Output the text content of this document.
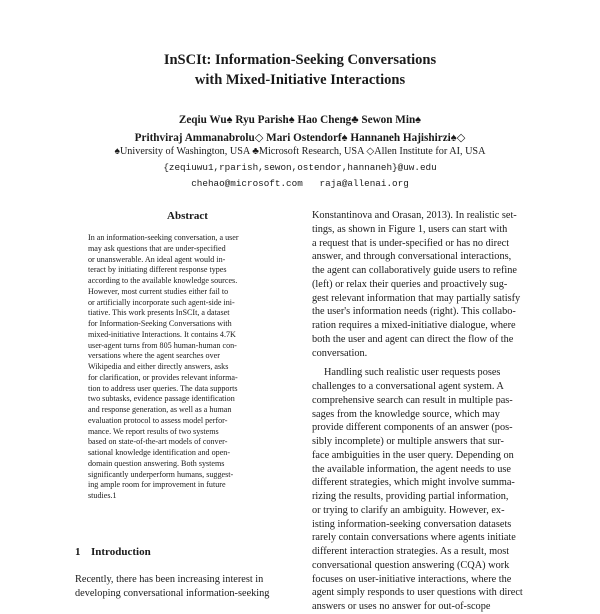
InSCIt: Information-Seeking Conversations
with Mixed-Initiative Interactions
Zeqiu Wu♠ Ryu Parish♠ Hao Cheng♣ Sewon Min♠
Prithviraj Ammanabrolu◇ Mari Ostendorf♠ Hannaneh Hajishirzi♠◇
♠University of Washington, USA ♣Microsoft Research, USA ◇Allen Institute for AI, USA
{zeqiuwu1,rparish,sewon,ostendor,hannaneh}@uw.edu
chehao@microsoft.com   raja@allenai.org
Abstract
In an information-seeking conversation, a user
may ask questions that are under-specified
or unanswerable. An ideal agent would in-
teract by initiating different response types
according to the available knowledge sources.
However, most current studies either fail to
or artificially incorporate such agent-side ini-
tiative. This work presents InSCIt, a dataset
for Information-Seeking Conversations with
mixed-initiative Interactions. It contains 4.7K
user-agent turns from 805 human-human con-
versations where the agent searches over
Wikipedia and either directly answers, asks
for clarification, or provides relevant informa-
tion to address user queries. The data supports
two subtasks, evidence passage identification
and response generation, as well as a human
evaluation protocol to assess model perfor-
mance. We report results of two systems
based on state-of-the-art models of conver-
sational knowledge identification and open-
domain question answering. Both systems
significantly underperform humans, suggest-
ing ample room for improvement in future
studies.1
1 Introduction
Recently, there has been increasing interest in
developing conversational information-seeking
Konstantinova and Orasan, 2013). In realistic set-
tings, as shown in Figure 1, users can start with
a request that is under-specified or has no direct
answer, and through conversational interactions,
the agent can collaboratively guide users to refine
(left) or relax their queries and proactively sug-
gest relevant information that may partially satisfy
the user's information needs (right). This collabo-
ration requires a mixed-initiative dialogue, where
both the user and agent can direct the flow of the
conversation.
Handling such realistic user requests poses
challenges to a conversational agent system. A
comprehensive search can result in multiple pas-
sages from the knowledge source, which may
provide different components of an answer (pos-
sibly incomplete) or multiple answers that sur-
face ambiguities in the user query. Depending on
the available information, the agent needs to use
different strategies, which might involve summa-
rizing the results, providing partial information,
or trying to clarify an ambiguity. However, ex-
isting information-seeking conversation datasets
rarely contain conversations where agents initiate
different interaction strategies. As a result, most
conversational question answering (CQA) work
focuses on user-initiative interactions, where the
agent simply responds to user questions with direct
answers or uses no answer for out-of-scope
